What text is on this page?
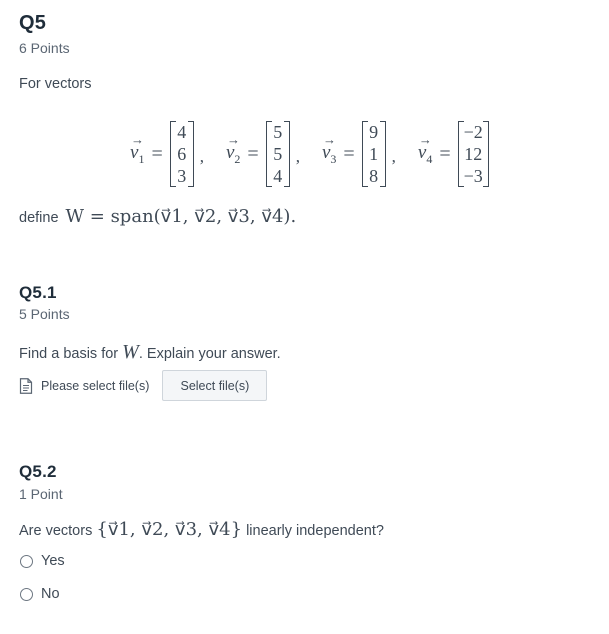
Q5
6 Points
For vectors
→
$v_1$ =
4
6
3
,
→
$v_2$ =
5
5
4
,
→
$v_3$ =
9
1
8
,
→
$v_4$ =
−2
12
−3
define W = span(v⃗1, v⃗2, v⃗3, v⃗4).
Q5.1
5 Points
Find a basis for W. Explain your answer.
Please select file(s)	Select file(s)
Q5.2
1 Point
Are vectors {v⃗1, v⃗2, v⃗3, v⃗4} linearly independent?
Yes
No
